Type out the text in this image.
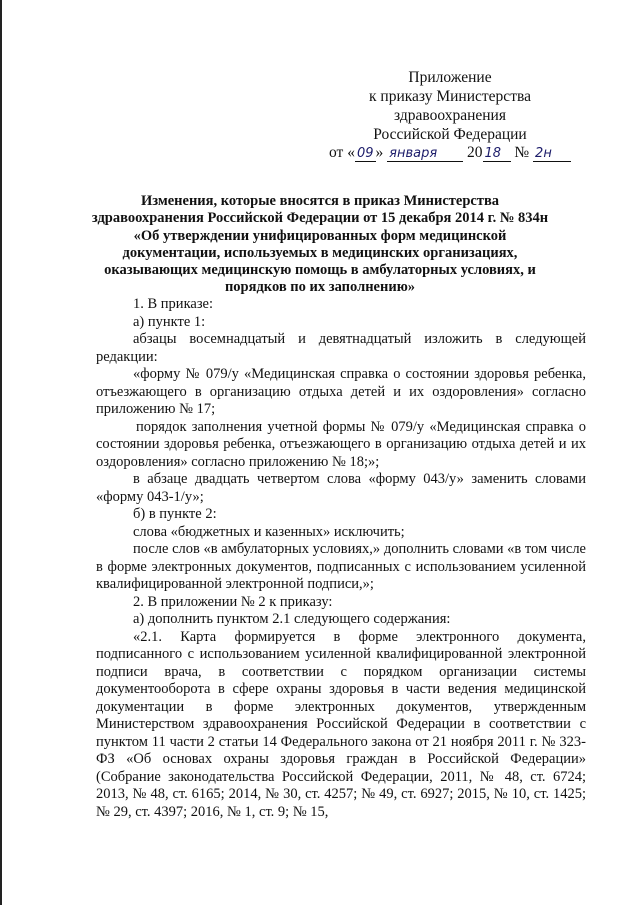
Приложение
к приказу Министерства
здравоохранения
Российской Федерации
от « 09 » января 20 18 № 2н
Изменения, которые вносятся в приказ Министерства здравоохранения Российской Федерации от 15 декабря 2014 г. № 834н «Об утверждении унифицированных форм медицинской документации, используемых в медицинских организациях, оказывающих медицинскую помощь в амбулаторных условиях, и порядков по их заполнению»

1. В приказе:

а) пункте 1:

абзацы восемнадцатый и девятнадцатый изложить в следующей редакции:

«форму № 079/у «Медицинская справка о состоянии здоровья ребенка, отъезжающего в организацию отдыха детей и их оздоровления» согласно приложению № 17;

порядок заполнения учетной формы № 079/у «Медицинская справка о состоянии здоровья ребенка, отъезжающего в организацию отдыха детей и их оздоровления» согласно приложению № 18;»;

в абзаце двадцать четвертом слова «форму 043/у» заменить словами «форму 043-1/у»;

б) в пункте 2:

слова «бюджетных и казенных» исключить;

после слов «в амбулаторных условиях,» дополнить словами «в том числе в форме электронных документов, подписанных с использованием усиленной квалифицированной электронной подписи,»;

2. В приложении № 2 к приказу:

а) дополнить пунктом 2.1 следующего содержания:

«2.1. Карта формируется в форме электронного документа, подписанного с использованием усиленной квалифицированной электронной подписи врача, в соответствии с порядком организации системы документооборота в сфере охраны здоровья в части ведения медицинской документации в форме электронных документов, утвержденным Министерством здравоохранения Российской Федерации в соответствии с пунктом 11 части 2 статьи 14 Федерального закона от 21 ноября 2011 г. № 323-ФЗ «Об основах охраны здоровья граждан в Российской Федерации» (Собрание законодательства Российской Федерации, 2011, № 48, ст. 6724; 2013, № 48, ст. 6165; 2014, № 30, ст. 4257; № 49, ст. 6927; 2015, № 10, ст. 1425; № 29, ст. 4397; 2016, № 1, ст. 9; № 15,
